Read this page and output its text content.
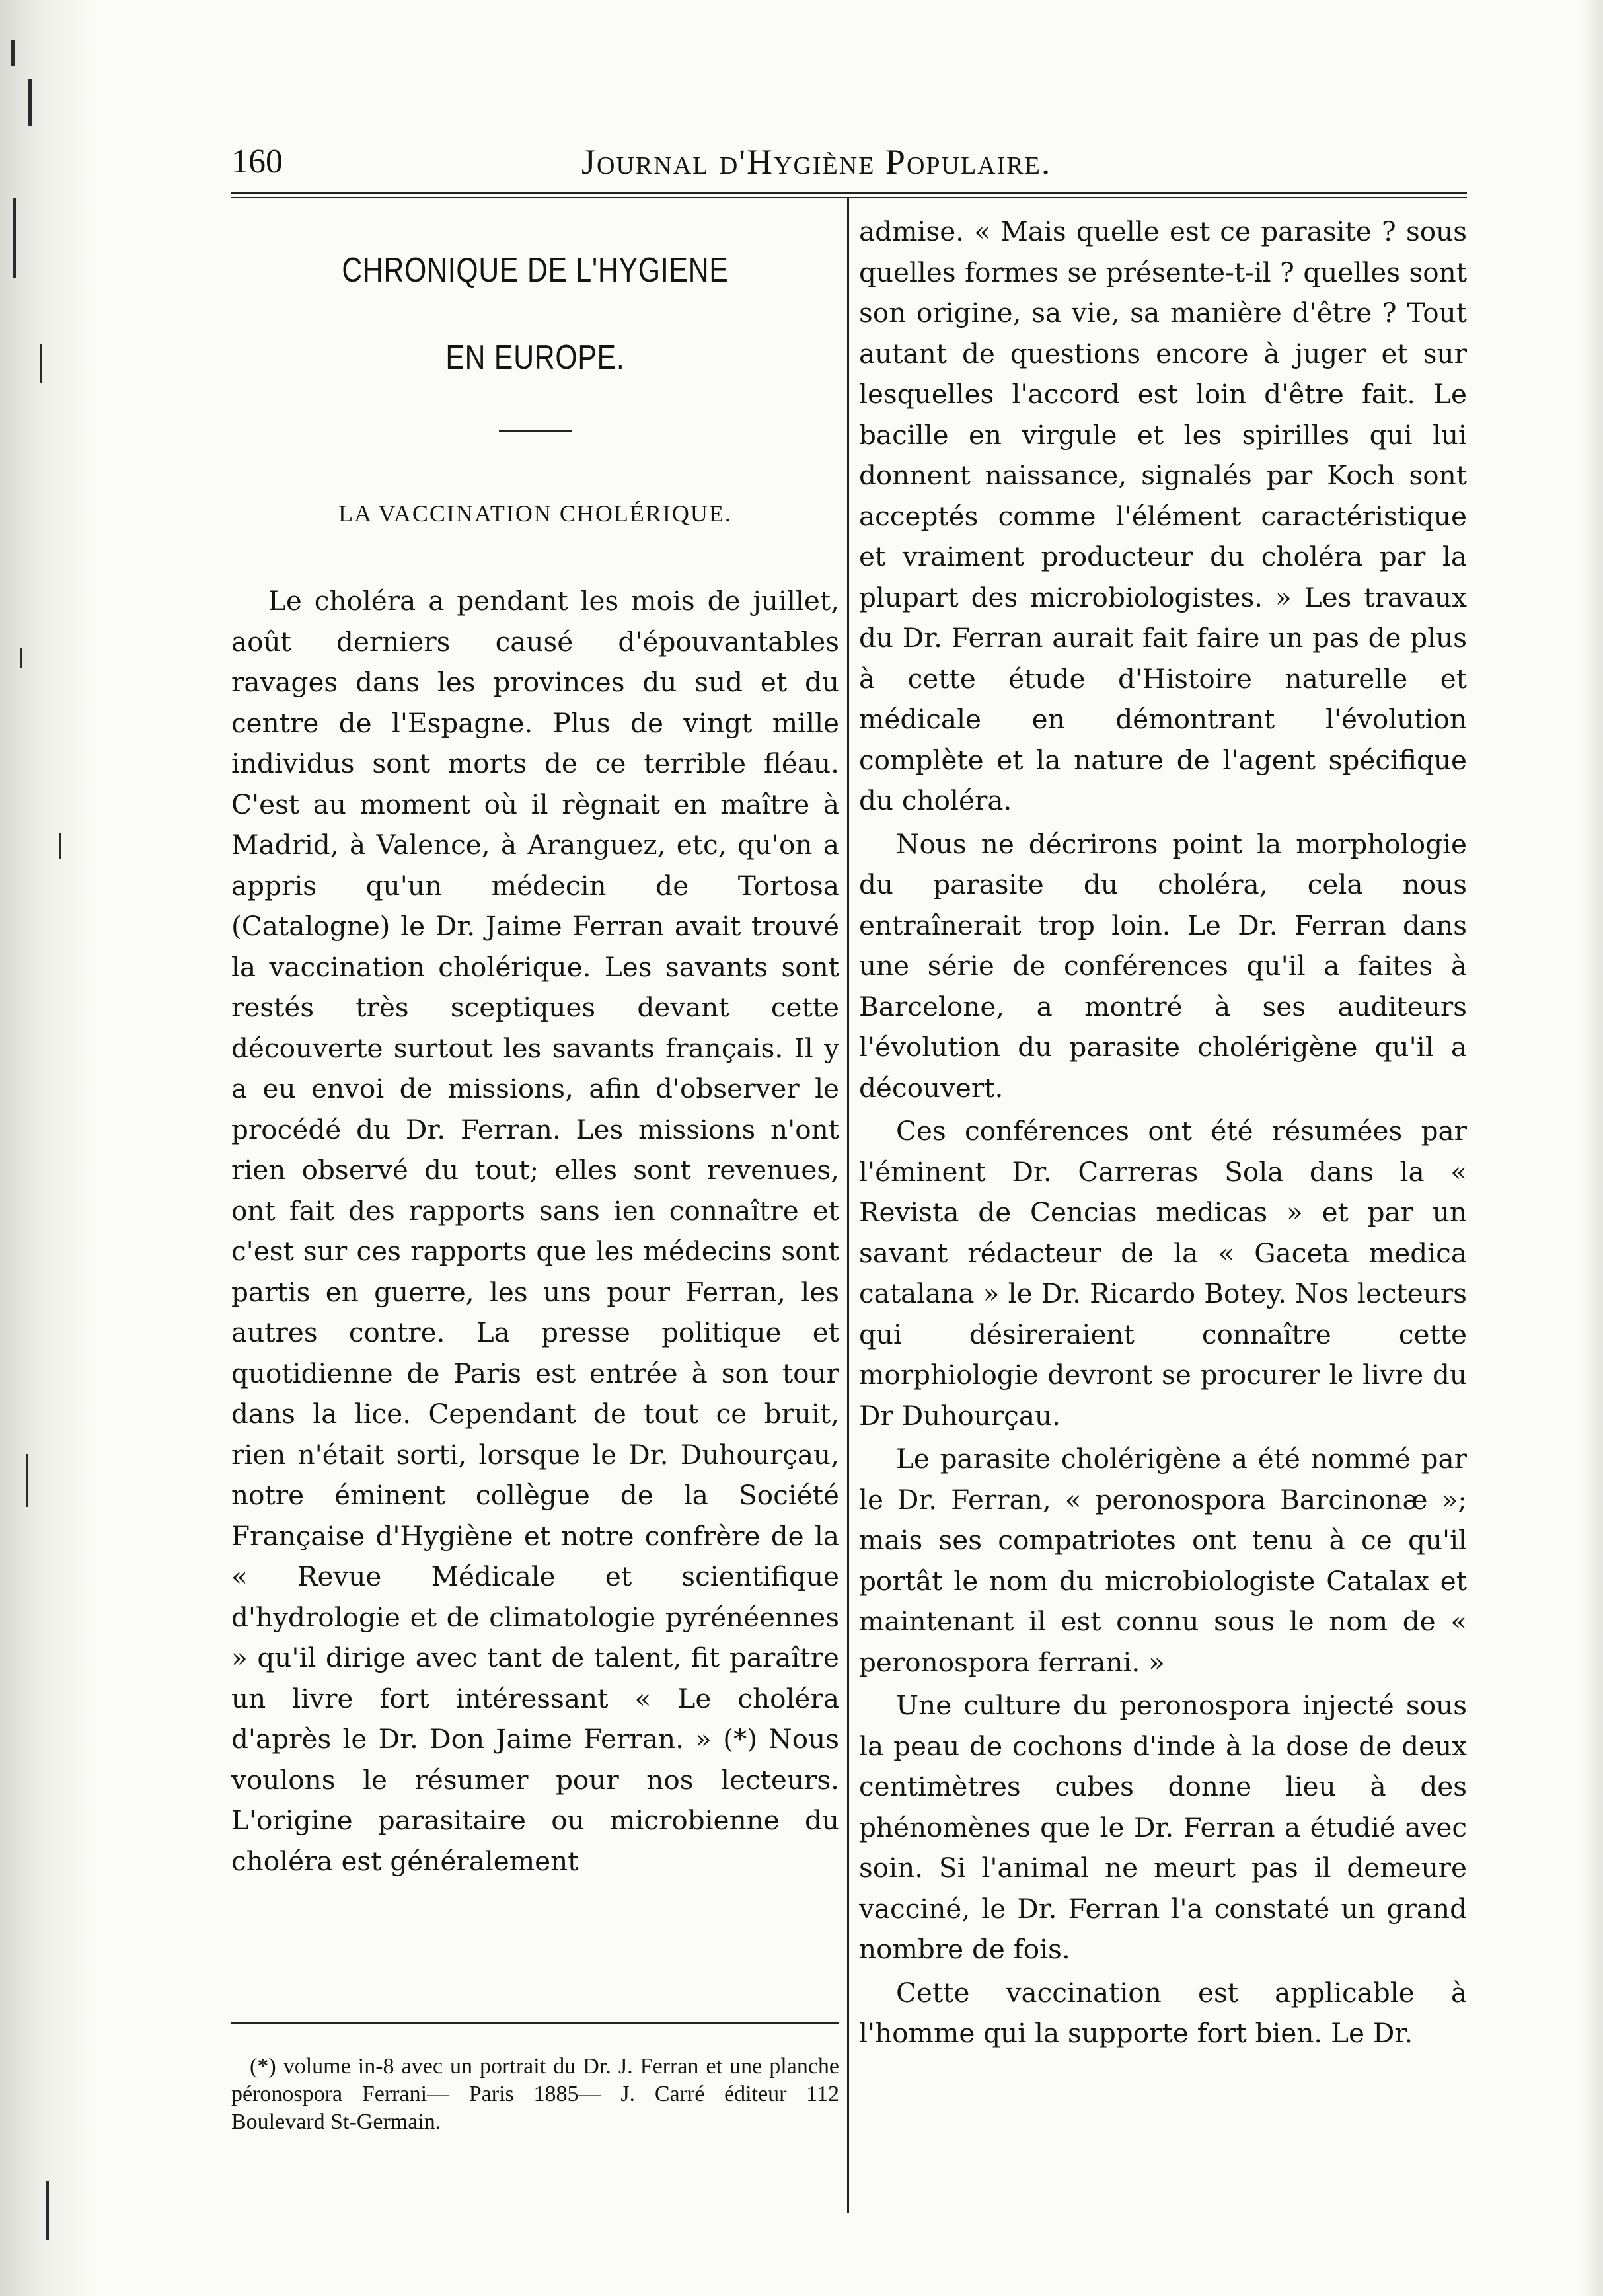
160	Journal d'Hygiène Populaire.

CHRONIQUE DE L'HYGIENE

EN EUROPE.

LA VACCINATION CHOLÉRIQUE.

Le choléra a pendant les mois de juillet, août derniers causé d'épouvantables ravages dans les provinces du sud et du centre de l'Espagne. Plus de vingt mille individus sont morts de ce terrible fléau. C'est au moment où il règnait en maître à Madrid, à Valence, à Aranguez, etc, qu'on a appris qu'un médecin de Tortosa (Catalogne) le Dr. Jaime Ferran avait trouvé la vaccination cholérique. Les savants sont restés très sceptiques devant cette découverte surtout les savants français. Il y a eu envoi de missions, afin d'observer le procédé du Dr. Ferran. Les missions n'ont rien observé du tout; elles sont revenues, ont fait des rapports sans ien connaître et c'est sur ces rapports que les médecins sont partis en guerre, les uns pour Ferran, les autres contre. La presse politique et quotidienne de Paris est entrée à son tour dans la lice. Cependant de tout ce bruit, rien n'était sorti, lorsque le Dr. Duhourçau, notre éminent collègue de la Société Française d'Hygiène et notre confrère de la « Revue Médicale et scientifique d'hydrologie et de climatologie pyrénéennes » qu'il dirige avec tant de talent, fit paraître un livre fort intéressant « Le choléra d'après le Dr. Don Jaime Ferran. » (*) Nous voulons le résumer pour nos lecteurs. L'origine parasitaire ou microbienne du choléra est généralement

(*) volume in-8 avec un portrait du Dr. J. Ferran et une planche péronospora Ferrani— Paris 1885— J. Carré éditeur 112 Boulevard St-Germain.

admise. « Mais quelle est ce parasite ? sous quelles formes se présente-t-il ? quelles sont son origine, sa vie, sa manière d'être ? Tout autant de questions encore à juger et sur lesquelles l'accord est loin d'être fait. Le bacille en virgule et les spirilles qui lui donnent naissance, signalés par Koch sont acceptés comme l'élément caractéristique et vraiment producteur du choléra par la plupart des microbiologistes. » Les travaux du Dr. Ferran aurait fait faire un pas de plus à cette étude d'Histoire naturelle et médicale en démontrant l'évolution complète et la nature de l'agent spécifique du choléra.

Nous ne décrirons point la morphologie du parasite du choléra, cela nous entraînerait trop loin. Le Dr. Ferran dans une série de conférences qu'il a faites à Barcelone, a montré à ses auditeurs l'évolution du parasite cholérigène qu'il a découvert.

Ces conférences ont été résumées par l'éminent Dr. Carreras Sola dans la « Revista de Cencias medicas » et par un savant rédacteur de la « Gaceta medica catalana » le Dr. Ricardo Botey. Nos lecteurs qui désireraient connaître cette morphiologie devront se procurer le livre du Dr Duhourçau.

Le parasite cholérigène a été nommé par le Dr. Ferran, « peronospora Barcinonæ »; mais ses compatriotes ont tenu à ce qu'il portât le nom du microbiologiste Catalax et maintenant il est connu sous le nom de « peronospora ferrani. »

Une culture du peronospora injecté sous la peau de cochons d'inde à la dose de deux centimètres cubes donne lieu à des phénomènes que le Dr. Ferran a étudié avec soin. Si l'animal ne meurt pas il demeure vacciné, le Dr. Ferran l'a constaté un grand nombre de fois.

Cette vaccination est applicable à l'homme qui la supporte fort bien. Le Dr.
